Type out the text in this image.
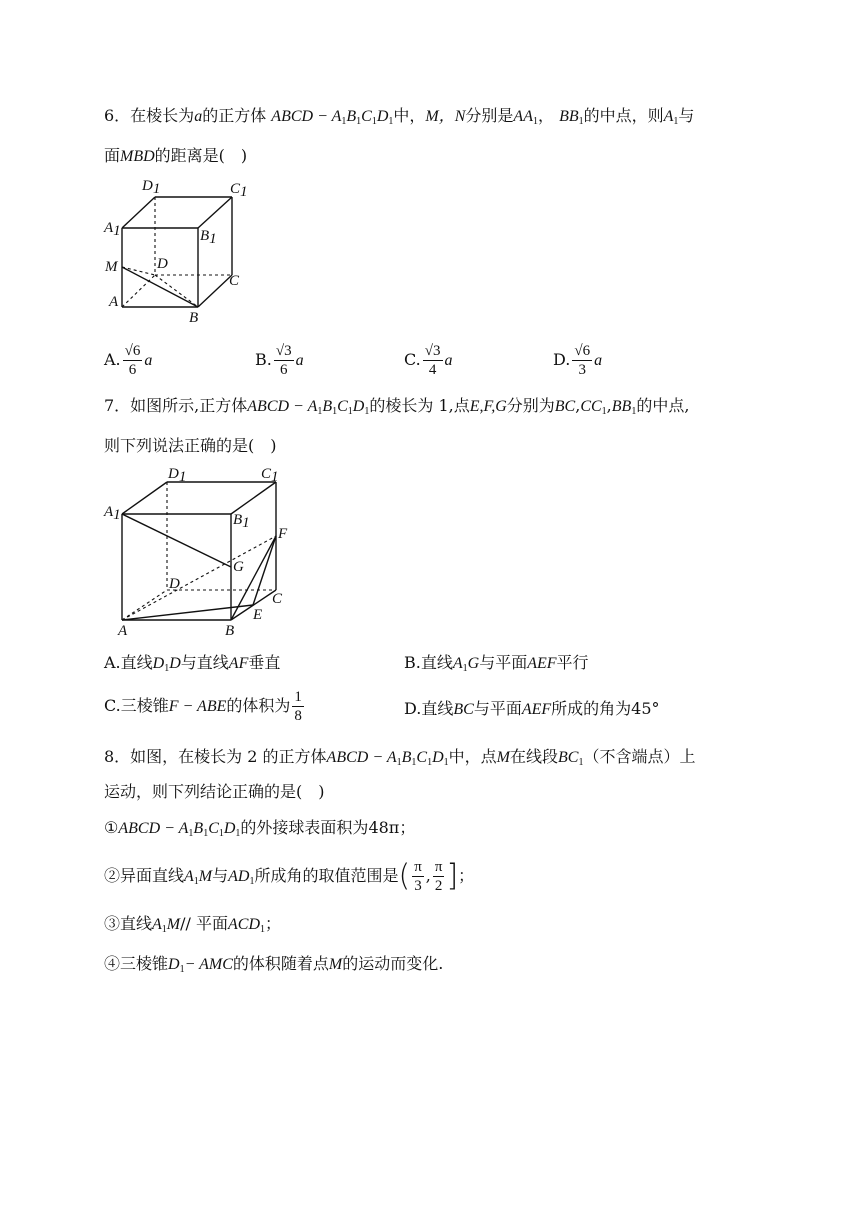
6．在棱长为a的正方体 ABCD − $A_1B_1C_1D_1$中，M，N分别是$AA_1$， $BB_1$的中点，则$A_1$与
面MBD的距离是(　)
D1	C1
A1	B1
M	D
C
A
B
A. $\frac{√6}{6}$ a	B. $\frac{√3}{6}$ a	C. $\frac{√3}{4}$ a	D. $\frac{√6}{3}$ a
7．如图所示,正方体ABCD − $A_1B_1C_1D_1$的棱长为 1,点E,F,G分别为$BC,CC_1,BB_1$的中点,
则下列说法正确的是(　)
D1	C1
A1	B1
F
G
D
C
E
A	B
A.直线$D_1D$与直线AF垂直	B.直线$A_1G$与平面AEF平行
C.三棱锥F − ABE的体积为 $\frac{1}{8}$	D.直线BC与平面AEF所成的角为45°
8．如图，在棱长为 2 的正方体ABCD − $A_1B_1C_1D_1$中，点M在线段$BC_1$（不含端点）上
运动，则下列结论正确的是(　)
①ABCD − $A_1B_1C_1D_1$的外接球表面积为48π；
②异面直线$A_1M$与$AD_1$所成角的取值范围是( $\frac{\pi}{3}$ , $\frac{\pi}{2}$ ]；
③直线$A_1M//$ 平面$ACD_1$；
④三棱锥$D_1-$ AMC的体积随着点M的运动而变化.
